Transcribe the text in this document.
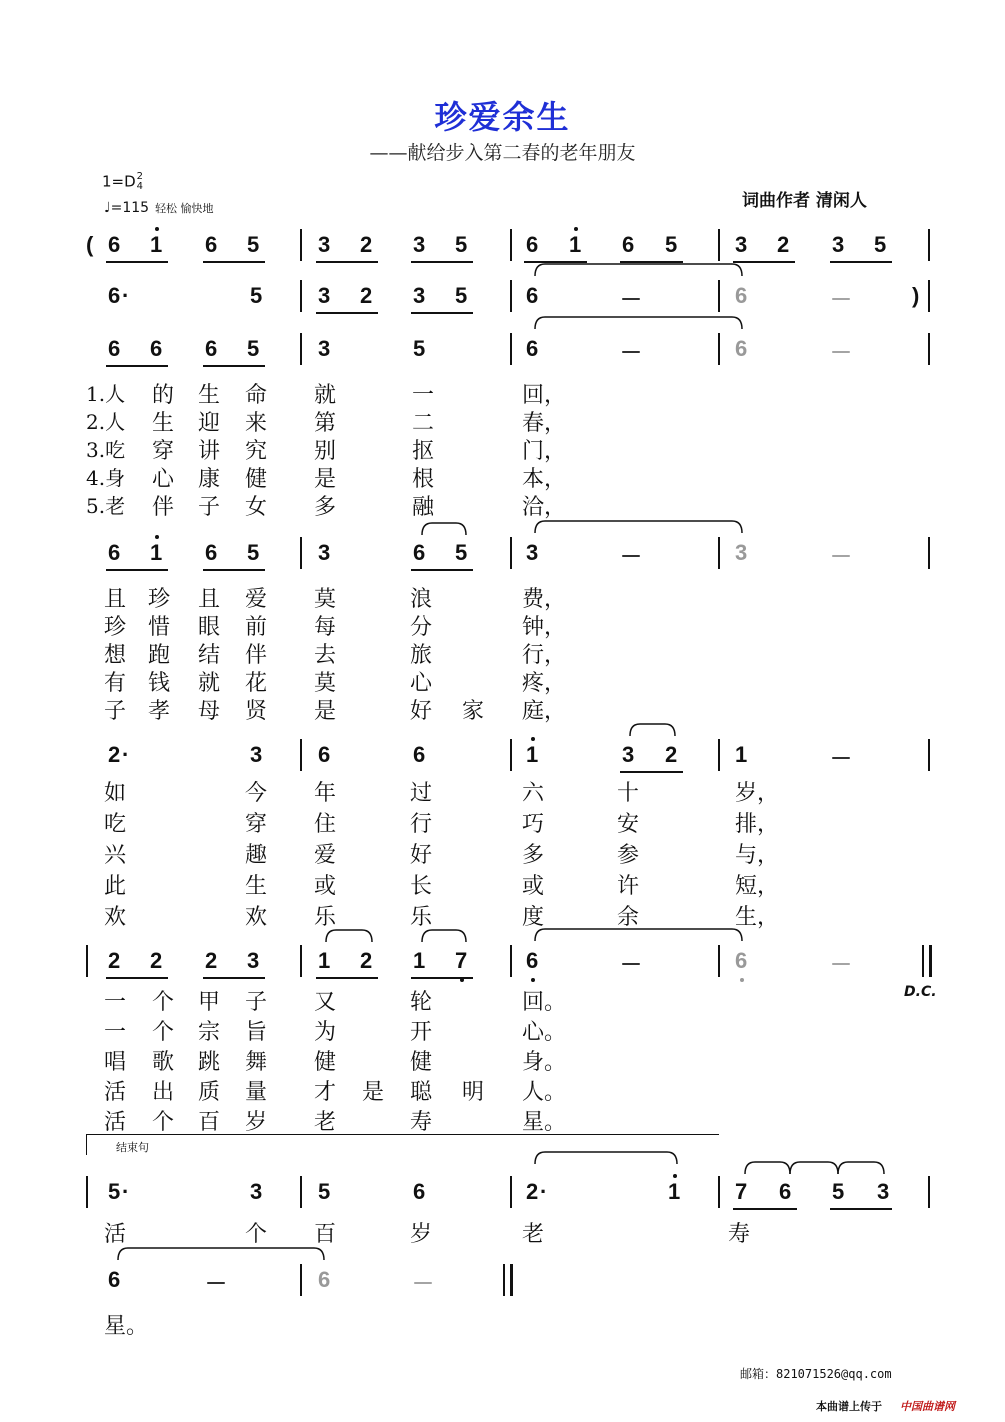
珍爱余生
——献给步入第二春的老年朋友
1=D2
4
♩=115 轻松 愉快地	词曲作者 清闲人
( 6 1 6 5	3 2 3 5	6 1 6 5	3 2 3 5
6 ·	5	3 2 3 5	6	－	6	－	)
6 6 6 5	3	5	6	－	6	－
1.人 的 生 命 就	一	回，
2.人 生 迎 来 第	二	春，
3.吃 穿 讲 究 别	抠	门，
4.身 心 康 健 是	根	本，
5.老 伴 子 女 多	融	洽，
6 1 6 5	3	6 5	3	－	3	－
且 珍 且 爱 莫	浪	费，
珍 惜 眼 前 每	分	钟，
想 跑 结 伴 去	旅	行，
有 钱 就 花 莫	心	疼，
子 孝 母 贤 是	好 家 庭，
2 ·	3	6	6	1	3 2	1	－
如	今 年	过	六	十	岁，
吃	穿 住	行	巧	安	排，
兴	趣 爱	好	多	参	与，
此	生 或	长	或	许	短，
欢	欢 乐	乐	度	余	生，
2 2 2 3	1 2 1 7	6	－	6	－
D.C.
一 个 甲 子 又	轮	回。
一 个 宗 旨 为	开	心。
唱 歌 跳 舞 健	健	身。
活 出 质 量 才 是 聪 明 人。
活 个 百 岁 老	寿	星。
结束句
5 ·	3	5	6	2 ·	1 7 6 5 3
活	个 百	岁	老	寿
6	－	6	－
星。
邮箱：821071526@qq.com
本曲谱上传于 中国曲谱网
